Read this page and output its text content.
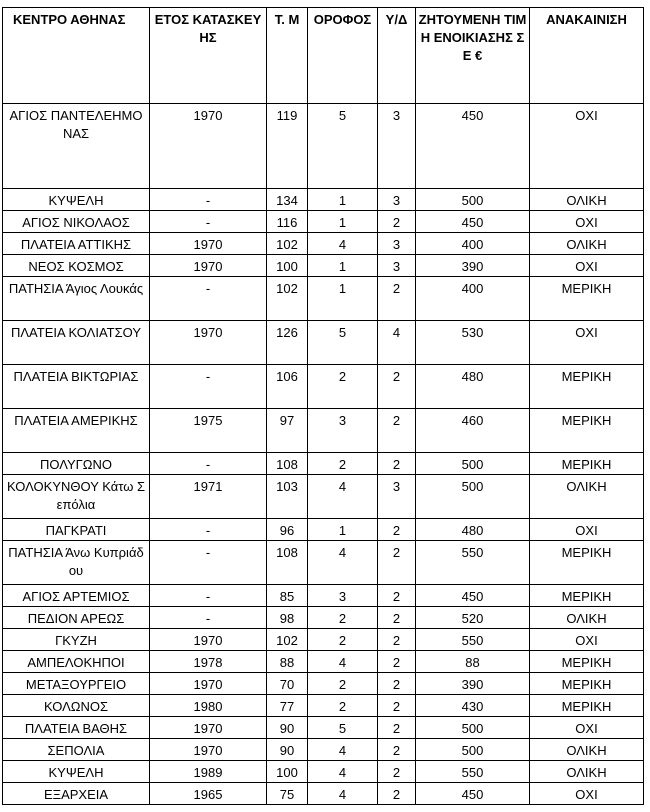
ΚΕΝΤΡΟ ΑΘΗΝΑΣ	ΕΤΟΣ ΚΑΤΑΣΚΕΥΗΣ	Τ. Μ	ΟΡΟΦΟΣ	Υ/Δ	ΖΗΤΟΥΜΕΝΗ ΤΙΜΗ ΕΝΟΙΚΙΑΣΗΣ ΣΕ €	ΑΝΑΚΑΙΝΙΣΗ
ΑΓΙΟΣ ΠΑΝΤΕΛΕΗΜΟΝΑΣ	1970	119	5	3	450	ΟΧΙ
ΚΥΨΕΛΗ	-	134	1	3	500	ΟΛΙΚΗ
ΑΓΙΟΣ ΝΙΚΟΛΑΟΣ	-	116	1	2	450	ΟΧΙ
ΠΛΑΤΕΙΑ ΑΤΤΙΚΗΣ	1970	102	4	3	400	ΟΛΙΚΗ
ΝΕΟΣ ΚΟΣΜΟΣ	1970	100	1	3	390	ΟΧΙ
ΠΑΤΗΣΙΑ Άγιος Λουκάς	-	102	1	2	400	ΜΕΡΙΚΗ
ΠΛΑΤΕΙΑ ΚΟΛΙΑΤΣΟΥ	1970	126	5	4	530	ΟΧΙ
ΠΛΑΤΕΙΑ ΒΙΚΤΩΡΙΑΣ	-	106	2	2	480	ΜΕΡΙΚΗ
ΠΛΑΤΕΙΑ ΑΜΕΡΙΚΗΣ	1975	97	3	2	460	ΜΕΡΙΚΗ
ΠΟΛΥΓΩΝΟ	-	108	2	2	500	ΜΕΡΙΚΗ
ΚΟΛΟΚΥΝΘΟΥ Κάτω Σεπόλια	1971	103	4	3	500	ΟΛΙΚΗ
ΠΑΓΚΡΑΤΙ	-	96	1	2	480	ΟΧΙ
ΠΑΤΗΣΙΑ Άνω Κυπριάδου	-	108	4	2	550	ΜΕΡΙΚΗ
ΑΓΙΟΣ ΑΡΤΕΜΙΟΣ	-	85	3	2	450	ΜΕΡΙΚΗ
ΠΕΔΙΟΝ ΑΡΕΩΣ	-	98	2	2	520	ΟΛΙΚΗ
ΓΚΥΖΗ	1970	102	2	2	550	ΟΧΙ
ΑΜΠΕΛΟΚΗΠΟΙ	1978	88	4	2	88	ΜΕΡΙΚΗ
ΜΕΤΑΞΟΥΡΓΕΙΟ	1970	70	2	2	390	ΜΕΡΙΚΗ
ΚΟΛΩΝΟΣ	1980	77	2	2	430	ΜΕΡΙΚΗ
ΠΛΑΤΕΙΑ ΒΑΘΗΣ	1970	90	5	2	500	ΟΧΙ
ΣΕΠΟΛΙΑ	1970	90	4	2	500	ΟΛΙΚΗ
ΚΥΨΕΛΗ	1989	100	4	2	550	ΟΛΙΚΗ
ΕΞΑΡΧΕΙΑ	1965	75	4	2	450	ΟΧΙ
